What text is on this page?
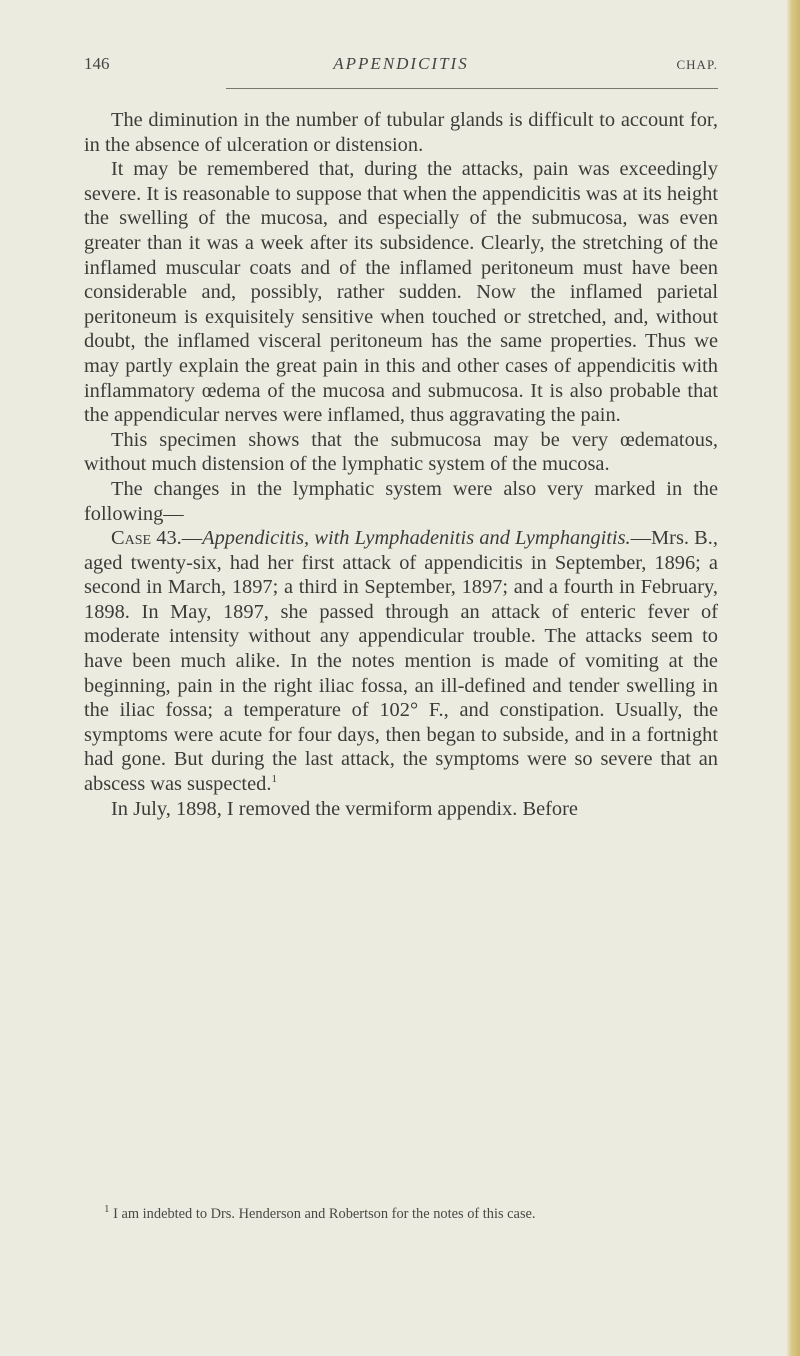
146	APPENDICITIS	CHAP.

The diminution in the number of tubular glands is difficult to account for, in the absence of ulceration or distension.

It may be remembered that, during the attacks, pain was exceedingly severe. It is reasonable to suppose that when the appendicitis was at its height the swelling of the mucosa, and especially of the submucosa, was even greater than it was a week after its subsidence. Clearly, the stretching of the inflamed muscular coats and of the inflamed peritoneum must have been considerable and, possibly, rather sudden. Now the inflamed parietal peritoneum is exquisitely sensitive when touched or stretched, and, without doubt, the inflamed visceral peritoneum has the same properties. Thus we may partly explain the great pain in this and other cases of appendicitis with inflammatory œdema of the mucosa and submucosa. It is also probable that the appendicular nerves were inflamed, thus aggravating the pain.

This specimen shows that the submucosa may be very œdematous, without much distension of the lymphatic system of the mucosa.

The changes in the lymphatic system were also very marked in the following—

Case 43.—Appendicitis, with Lymphadenitis and Lymphangitis.—Mrs. B., aged twenty-six, had her first attack of appendicitis in September, 1896; a second in March, 1897; a third in September, 1897; and a fourth in February, 1898. In May, 1897, she passed through an attack of enteric fever of moderate intensity without any appendicular trouble. The attacks seem to have been much alike. In the notes mention is made of vomiting at the beginning, pain in the right iliac fossa, an ill-defined and tender swelling in the iliac fossa; a temperature of 102° F., and constipation. Usually, the symptoms were acute for four days, then began to subside, and in a fortnight had gone. But during the last attack, the symptoms were so severe that an abscess was suspected.$^1$

In July, 1898, I removed the vermiform appendix. Before

$^1$ I am indebted to Drs. Henderson and Robertson for the notes of this case.
